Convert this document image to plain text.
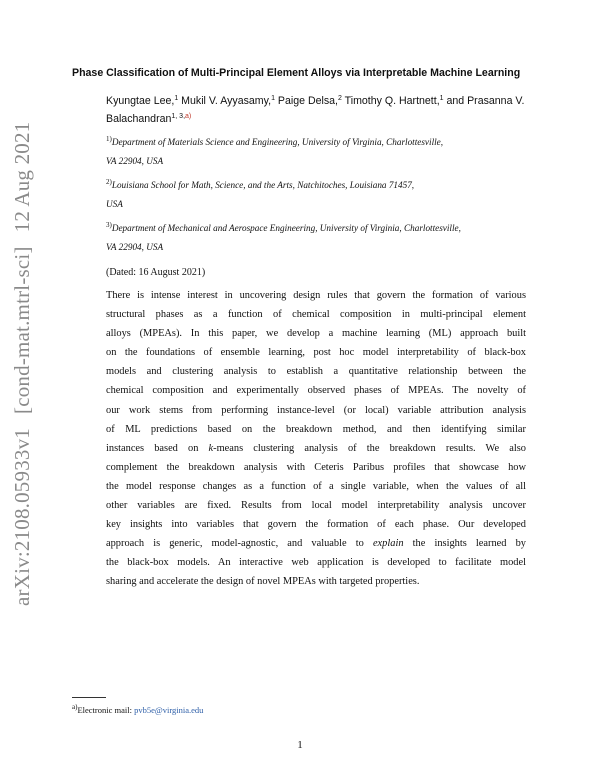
arXiv:2108.05933v1[cond-mat.mtrl-sci]12 Aug 2021
Phase Classification of Multi-Principal Element Alloys via Interpretable Machine Learning
Kyungtae Lee,$^1$ Mukil V. Ayyasamy,$^1$ Paige Delsa,$^2$ Timothy Q. Hartnett,$^1$ and Prasanna V.
Balachandran$^{1, 3,a)}$
$^{1)}$Department of Materials Science and Engineering, University of Virginia, Charlottesville,
VA 22904, USA
$^{2)}$Louisiana School for Math, Science, and the Arts, Natchitoches, Louisiana 71457,
USA
$^{3)}$Department of Mechanical and Aerospace Engineering, University of Virginia, Charlottesville,
VA 22904, USA
(Dated: 16 August 2021)
There is intense interest in uncovering design rules that govern the formation of various
structural phases as a function of chemical composition in multi-principal element
alloys (MPEAs). In this paper, we develop a machine learning (ML) approach built
on the foundations of ensemble learning, post hoc model interpretability of black-box
models and clustering analysis to establish a quantitative relationship between the
chemical composition and experimentally observed phases of MPEAs. The novelty of
our work stems from performing instance-level (or local) variable attribution analysis
of ML predictions based on the breakdown method, and then identifying similar
instances based on k-means clustering analysis of the breakdown results. We also
complement the breakdown analysis with Ceteris Paribus profiles that showcase how
the model response changes as a function of a single variable, when the values of all
other variables are fixed. Results from local model interpretability analysis uncover
key insights into variables that govern the formation of each phase. Our developed
approach is generic, model-agnostic, and valuable to explain the insights learned by
the black-box models. An interactive web application is developed to facilitate model
sharing and accelerate the design of novel MPEAs with targeted properties.
$^{a)}$Electronic mail: pvb5e@virginia.edu
1
